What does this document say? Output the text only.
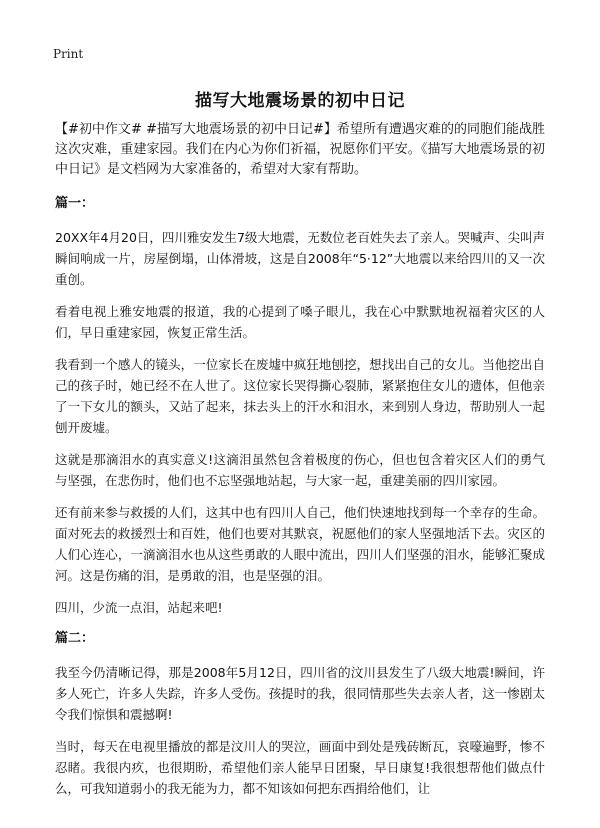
Print
描写大地震场景的初中日记

【#初中作文# #描写大地震场景的初中日记#】希望所有遭遇灾难的的同胞们能战胜这次灾难，重建家园。我们在内心为你们祈福，祝愿你们平安。《描写大地震场景的初中日记》是文档网为大家准备的，希望对大家有帮助。

篇一：

20XX年4月20日，四川雅安发生7级大地震，无数位老百姓失去了亲人。哭喊声、尖叫声瞬间响成一片，房屋倒塌，山体滑坡，这是自2008年“5·12”大地震以来给四川的又一次重创。

看着电视上雅安地震的报道，我的心提到了嗓子眼儿，我在心中默默地祝福着灾区的人们，早日重建家园，恢复正常生活。

我看到一个感人的镜头，一位家长在废墟中疯狂地刨挖，想找出自己的女儿。当他挖出自己的孩子时，她已经不在人世了。这位家长哭得撕心裂肺，紧紧抱住女儿的遗体，但他亲了一下女儿的额头，又站了起来，抹去头上的汗水和泪水，来到别人身边，帮助别人一起刨开废墟。

这就是那滴泪水的真实意义!这滴泪虽然包含着极度的伤心，但也包含着灾区人们的勇气与坚强，在悲伤时，他们也不忘坚强地站起，与大家一起，重建美丽的四川家园。

还有前来参与救援的人们，这其中也有四川人自己，他们快速地找到每一个幸存的生命。面对死去的救援烈士和百姓，他们也要对其默哀，祝愿他们的家人坚强地活下去。灾区的人们心连心，一滴滴泪水也从这些勇敢的人眼中流出，四川人们坚强的泪水，能够汇聚成河。这是伤痛的泪，是勇敢的泪，也是坚强的泪。

四川，少流一点泪，站起来吧!

篇二：

我至今仍清晰记得，那是2008年5月12日，四川省的汶川县发生了八级大地震!瞬间，许多人死亡，许多人失踪，许多人受伤。孩提时的我，很同情那些失去亲人者，这一惨剧太令我们惊惧和震撼啊!

当时，每天在电视里播放的都是汶川人的哭泣，画面中到处是残砖断瓦，哀嚎遍野，惨不忍睹。我很内疚，也很期盼，希望他们亲人能早日团聚，早日康复!我很想帮他们做点什么，可我知道弱小的我无能为力，都不知该如何把东西捐给他们，让
